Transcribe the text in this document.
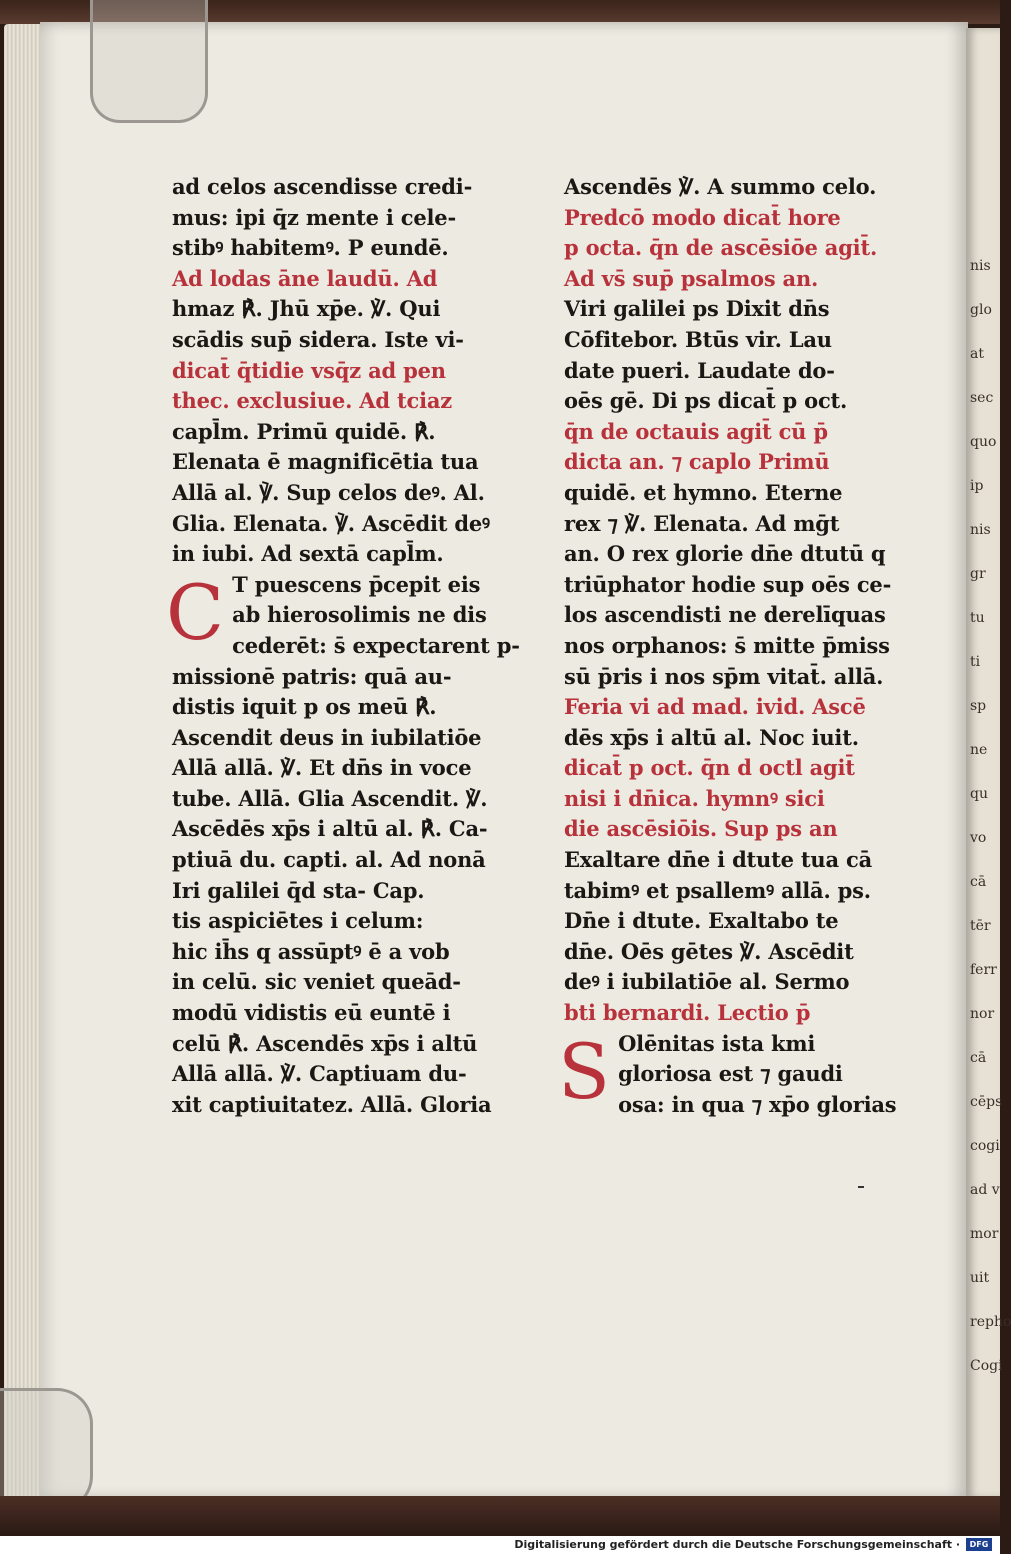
nis
glo
at
sec
quo
ip
nis
gr
tu
ti
sp
ne
qu
vo
cā
tēr
ferr
nor
cā
cēps
cogi
ad v
mor
uit
repho
Cogi
ad celos ascendisse credi‑
mus: ipi q̄z mente i cele‑
stibꝰ habitemꝰ. P eundē.
Ad lodas āne laudū. Ad
hmaz ℟. Jhū xp̄e. ℣. Qui
scādis sup̄ sidera. Iste vi‑
dicat̄ q̄tidie vsq̄z ad pen
thec. exclusiue. Ad tciaz
capl̄m. Primū quidē. ℟.
Elenata ē magnificētia tua
Allā al. ℣. Sup celos deꝰ. Al.
Glia. Elenata. ℣. Ascēdit deꝰ
in iubi. Ad sextā capl̄m.
C T puescens p̄cepit eis
ab hierosolimis ne dis
cederēt: s̄ expectarent p‑
missionē patris: quā au‑
distis iquit p os meū ℟.
Ascendit deus in iubilatiōe
Allā allā. ℣. Et dn̄s in voce
tube. Allā. Glia Ascendit. ℣.
Ascēdēs xp̄s i altū al. ℟. Ca‑
ptiuā du. capti. al. Ad nonā
Iri galilei q̄d sta‑ Cap.
tis aspiciētes i celum:
hic ih̄s q assūptꝰ ē a vob
in celū. sic veniet queād‑
modū vidistis eū euntē i
celū ℟. Ascendēs xp̄s i altū
Allā allā. ℣. Captiuam du‑
xit captiuitatez. Allā. Gloria
Ascendēs ℣. A summo celo.
Predcō modo dicat̄ hore
p octa. q̄n de ascēsiōe agit̄.
Ad vs̄ sup̄ psalmos an.
Viri galilei ps Dixit dn̄s
Cōfitebor. Btūs vir. Lau
date pueri. Laudate do‑
oēs gē. Di ps dicat̄ p oct.
q̄n de octauis agit̄ cū p̄
dicta an. ⁊ caplo Primū
quidē. et hymno. Eterne
rex ⁊ ℣. Elenata. Ad mḡt
an. O rex glorie dn̄e dtutū q
triūphator hodie sup oēs ce‑
los ascendisti ne derelīquas
nos orphanos: s̄ mitte p̄miss
sū p̄ris i nos sp̄m vitat̄. allā.
Feria vi ad mad. ivid. Ascē
dēs xp̄s i altū al. Noc iuit.
dicat̄ p oct. q̄n d octl agit̄
nisi i dn̄ica. hymnꝰ sici
die ascēsiōis. Sup ps an
Exaltare dn̄e i dtute tua cā
tabimꝰ et psallemꝰ allā. ps.
Dn̄e i dtute. Exaltabo te
dn̄e. Oēs gētes ℣. Ascēdit
deꝰ i iubilatiōe al. Sermo
bti bernardi. Lectio p̄
S Olēnitas ista kmi
gloriosa est ⁊ gaudi
osa: in qua ⁊ xp̄o glorias
Digitalisierung gefördert durch die Deutsche Forschungsgemeinschaft ·	DFG
